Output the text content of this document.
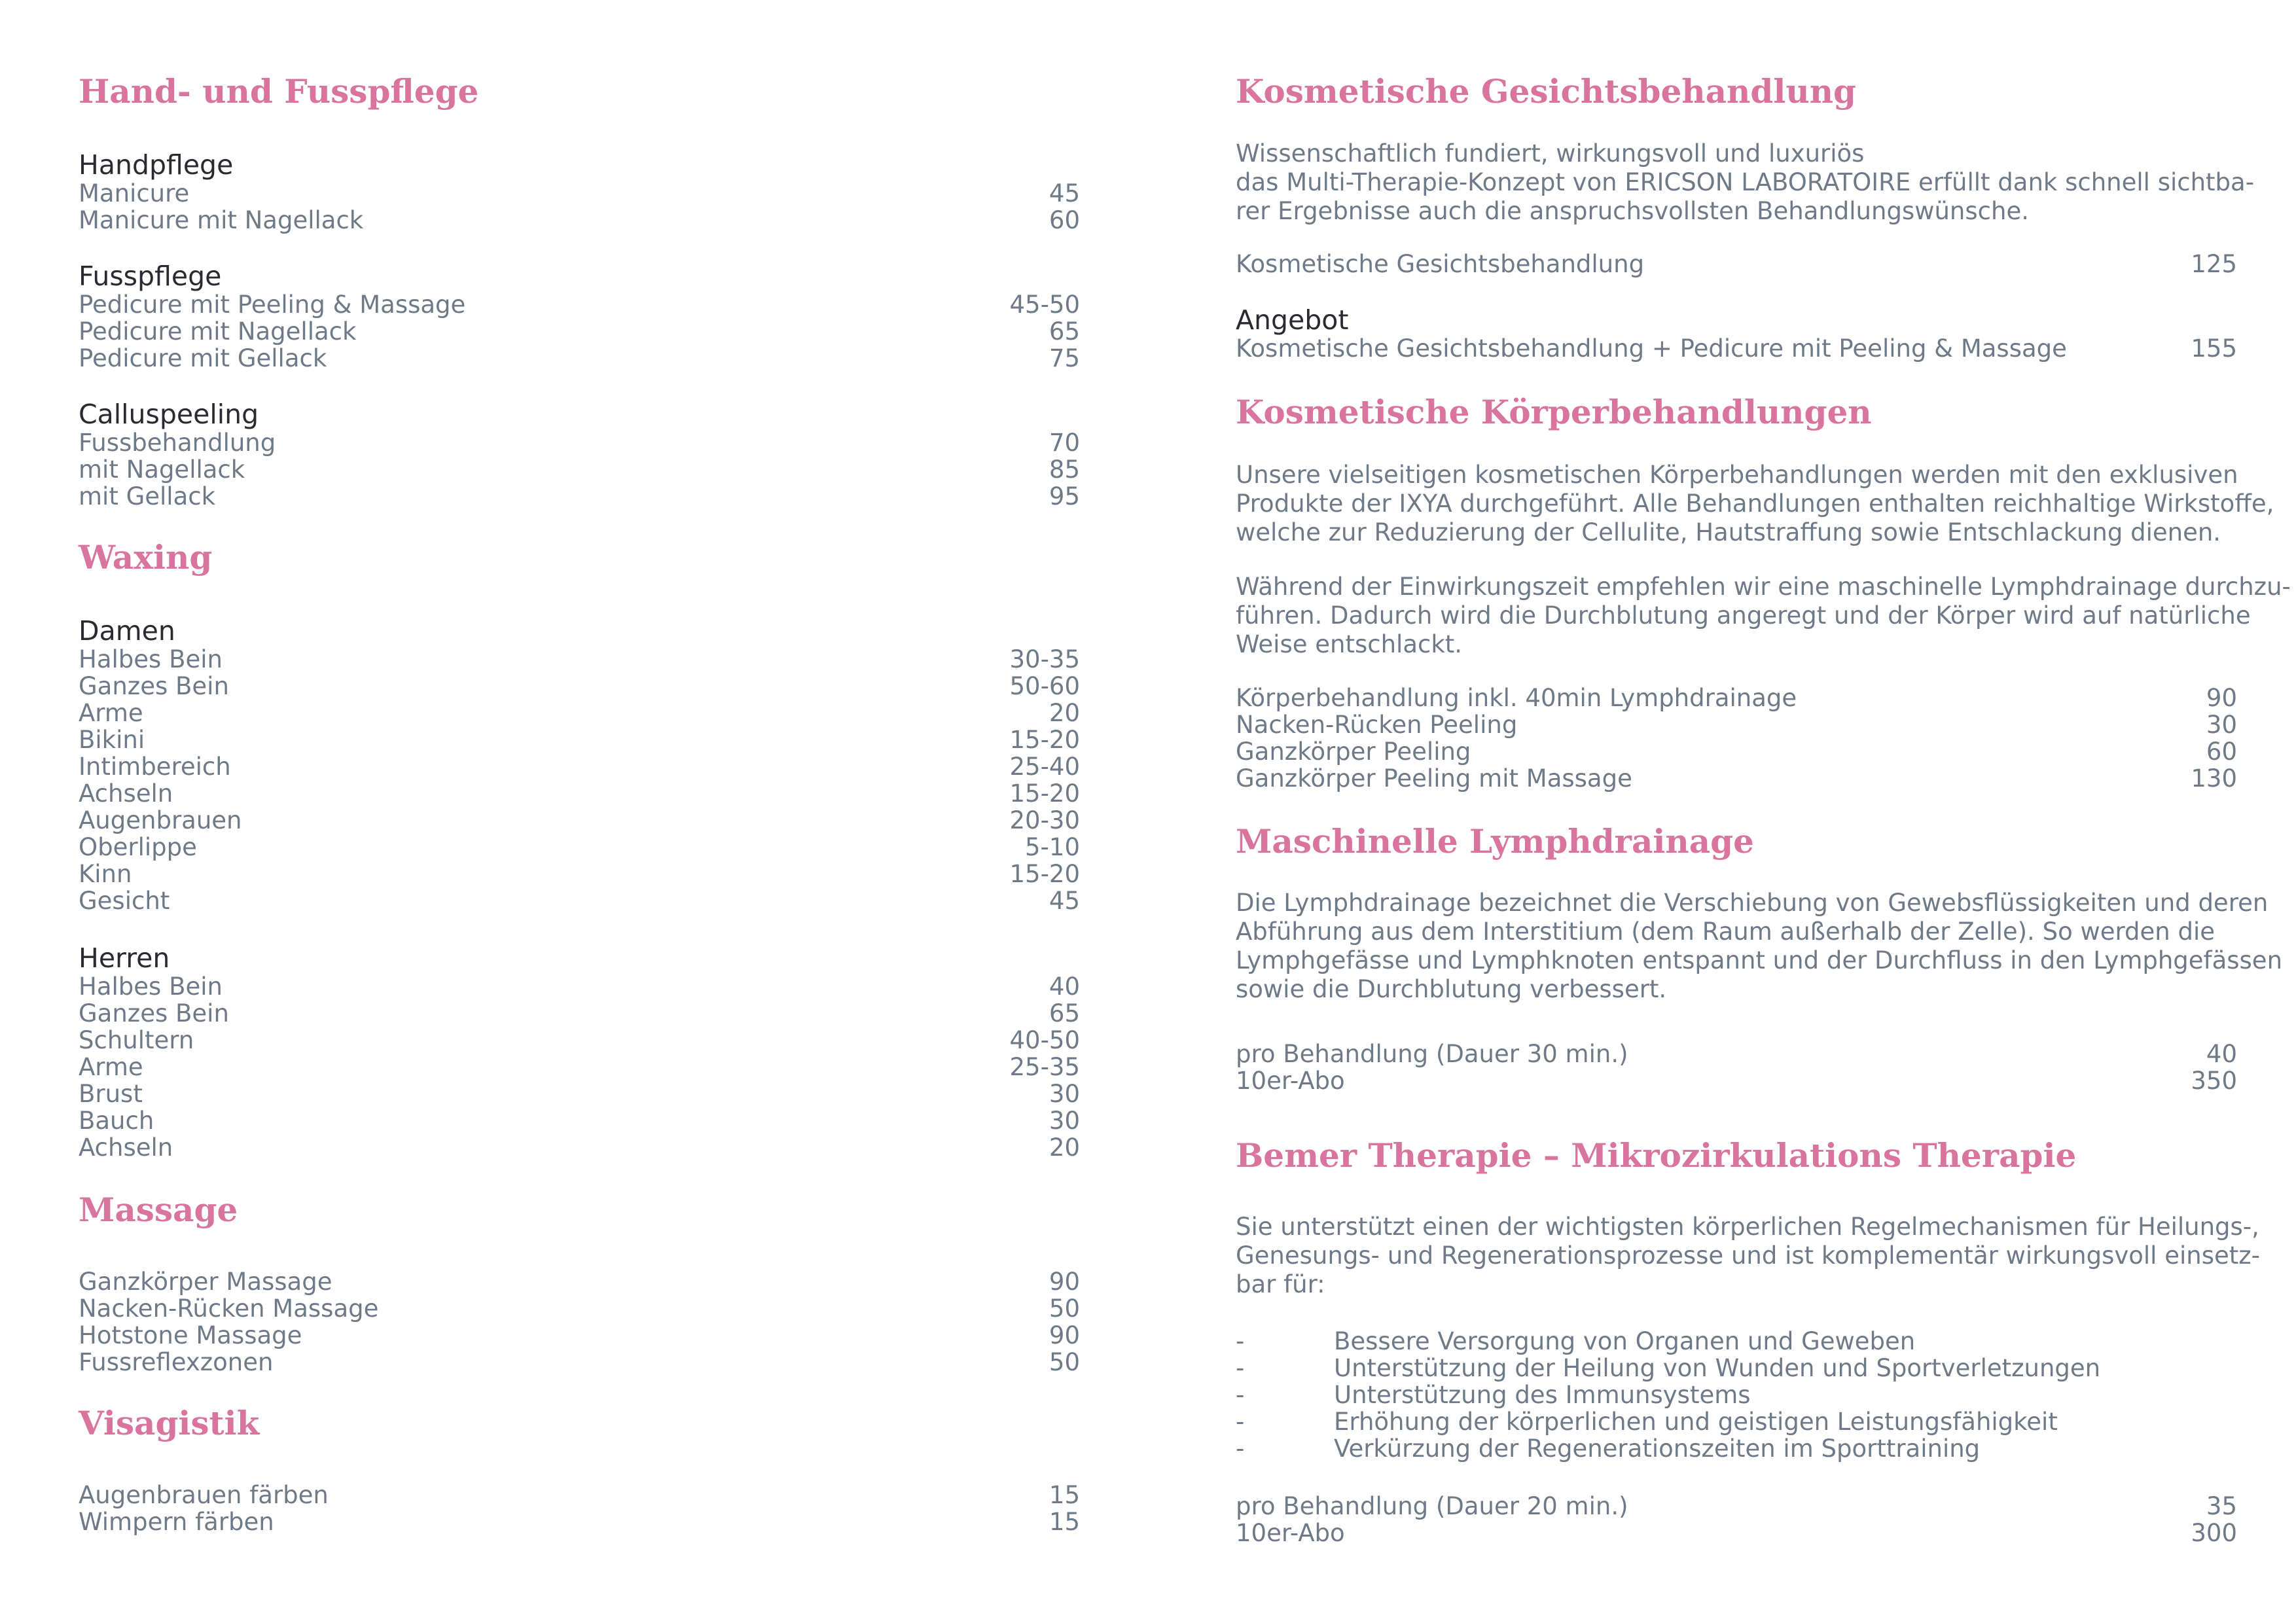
Hand- und Fusspflege
Handpflege
Manicure	45
Manicure mit Nagellack	60
Fusspflege
Pedicure mit Peeling & Massage	45-50
Pedicure mit Nagellack	65
Pedicure mit Gellack	75
Calluspeeling
Fussbehandlung	70
mit Nagellack	85
mit Gellack	95
Waxing
Damen
Halbes Bein	30-35
Ganzes Bein	50-60
Arme	20
Bikini	15-20
Intimbereich	25-40
Achseln	15-20
Augenbrauen	20-30
Oberlippe	5-10
Kinn	15-20
Gesicht	45
Herren
Halbes Bein	40
Ganzes Bein	65
Schultern	40-50
Arme	25-35
Brust	30
Bauch	30
Achseln	20
Massage
Ganzkörper Massage	90
Nacken-Rücken Massage	50
Hotstone Massage	90
Fussreflexzonen	50
Visagistik
Augenbrauen färben	15
Wimpern färben	15
Kosmetische Gesichtsbehandlung
Wissenschaftlich fundiert, wirkungsvoll und luxuriös
das Multi-Therapie-Konzept von ERICSON LABORATOIRE erfüllt dank schnell sichtba-
rer Ergebnisse auch die anspruchsvollsten Behandlungswünsche.
Kosmetische Gesichtsbehandlung	125
Angebot
Kosmetische Gesichtsbehandlung + Pedicure mit Peeling & Massage	155
Kosmetische Körperbehandlungen
Unsere vielseitigen kosmetischen Körperbehandlungen werden mit den exklusiven
Produkte der IXYA durchgeführt. Alle Behandlungen enthalten reichhaltige Wirkstoffe,
welche zur Reduzierung der Cellulite, Hautstraffung sowie Entschlackung dienen.
Während der Einwirkungszeit empfehlen wir eine maschinelle Lymphdrainage durchzu-
führen. Dadurch wird die Durchblutung angeregt und der Körper wird auf natürliche
Weise entschlackt.
Körperbehandlung inkl. 40min Lymphdrainage	90
Nacken-Rücken Peeling	30
Ganzkörper Peeling	60
Ganzkörper Peeling mit Massage	130
Maschinelle Lymphdrainage
Die Lymphdrainage bezeichnet die Verschiebung von Gewebsflüssigkeiten und deren
Abführung aus dem Interstitium (dem Raum außerhalb der Zelle). So werden die
Lymphgefässe und Lymphknoten entspannt und der Durchfluss in den Lymphgefässen
sowie die Durchblutung verbessert.
pro Behandlung (Dauer 30 min.)	40
10er-Abo	350
Bemer Therapie – Mikrozirkulations Therapie
Sie unterstützt einen der wichtigsten körperlichen Regelmechanismen für Heilungs-,
Genesungs- und Regenerationsprozesse und ist komplementär wirkungsvoll einsetz-
bar für:
-	Bessere Versorgung von Organen und Geweben
-	Unterstützung der Heilung von Wunden und Sportverletzungen
-	Unterstützung des Immunsystems
-	Erhöhung der körperlichen und geistigen Leistungsfähigkeit
-	Verkürzung der Regenerationszeiten im Sporttraining
pro Behandlung (Dauer 20 min.)	35
10er-Abo	300
